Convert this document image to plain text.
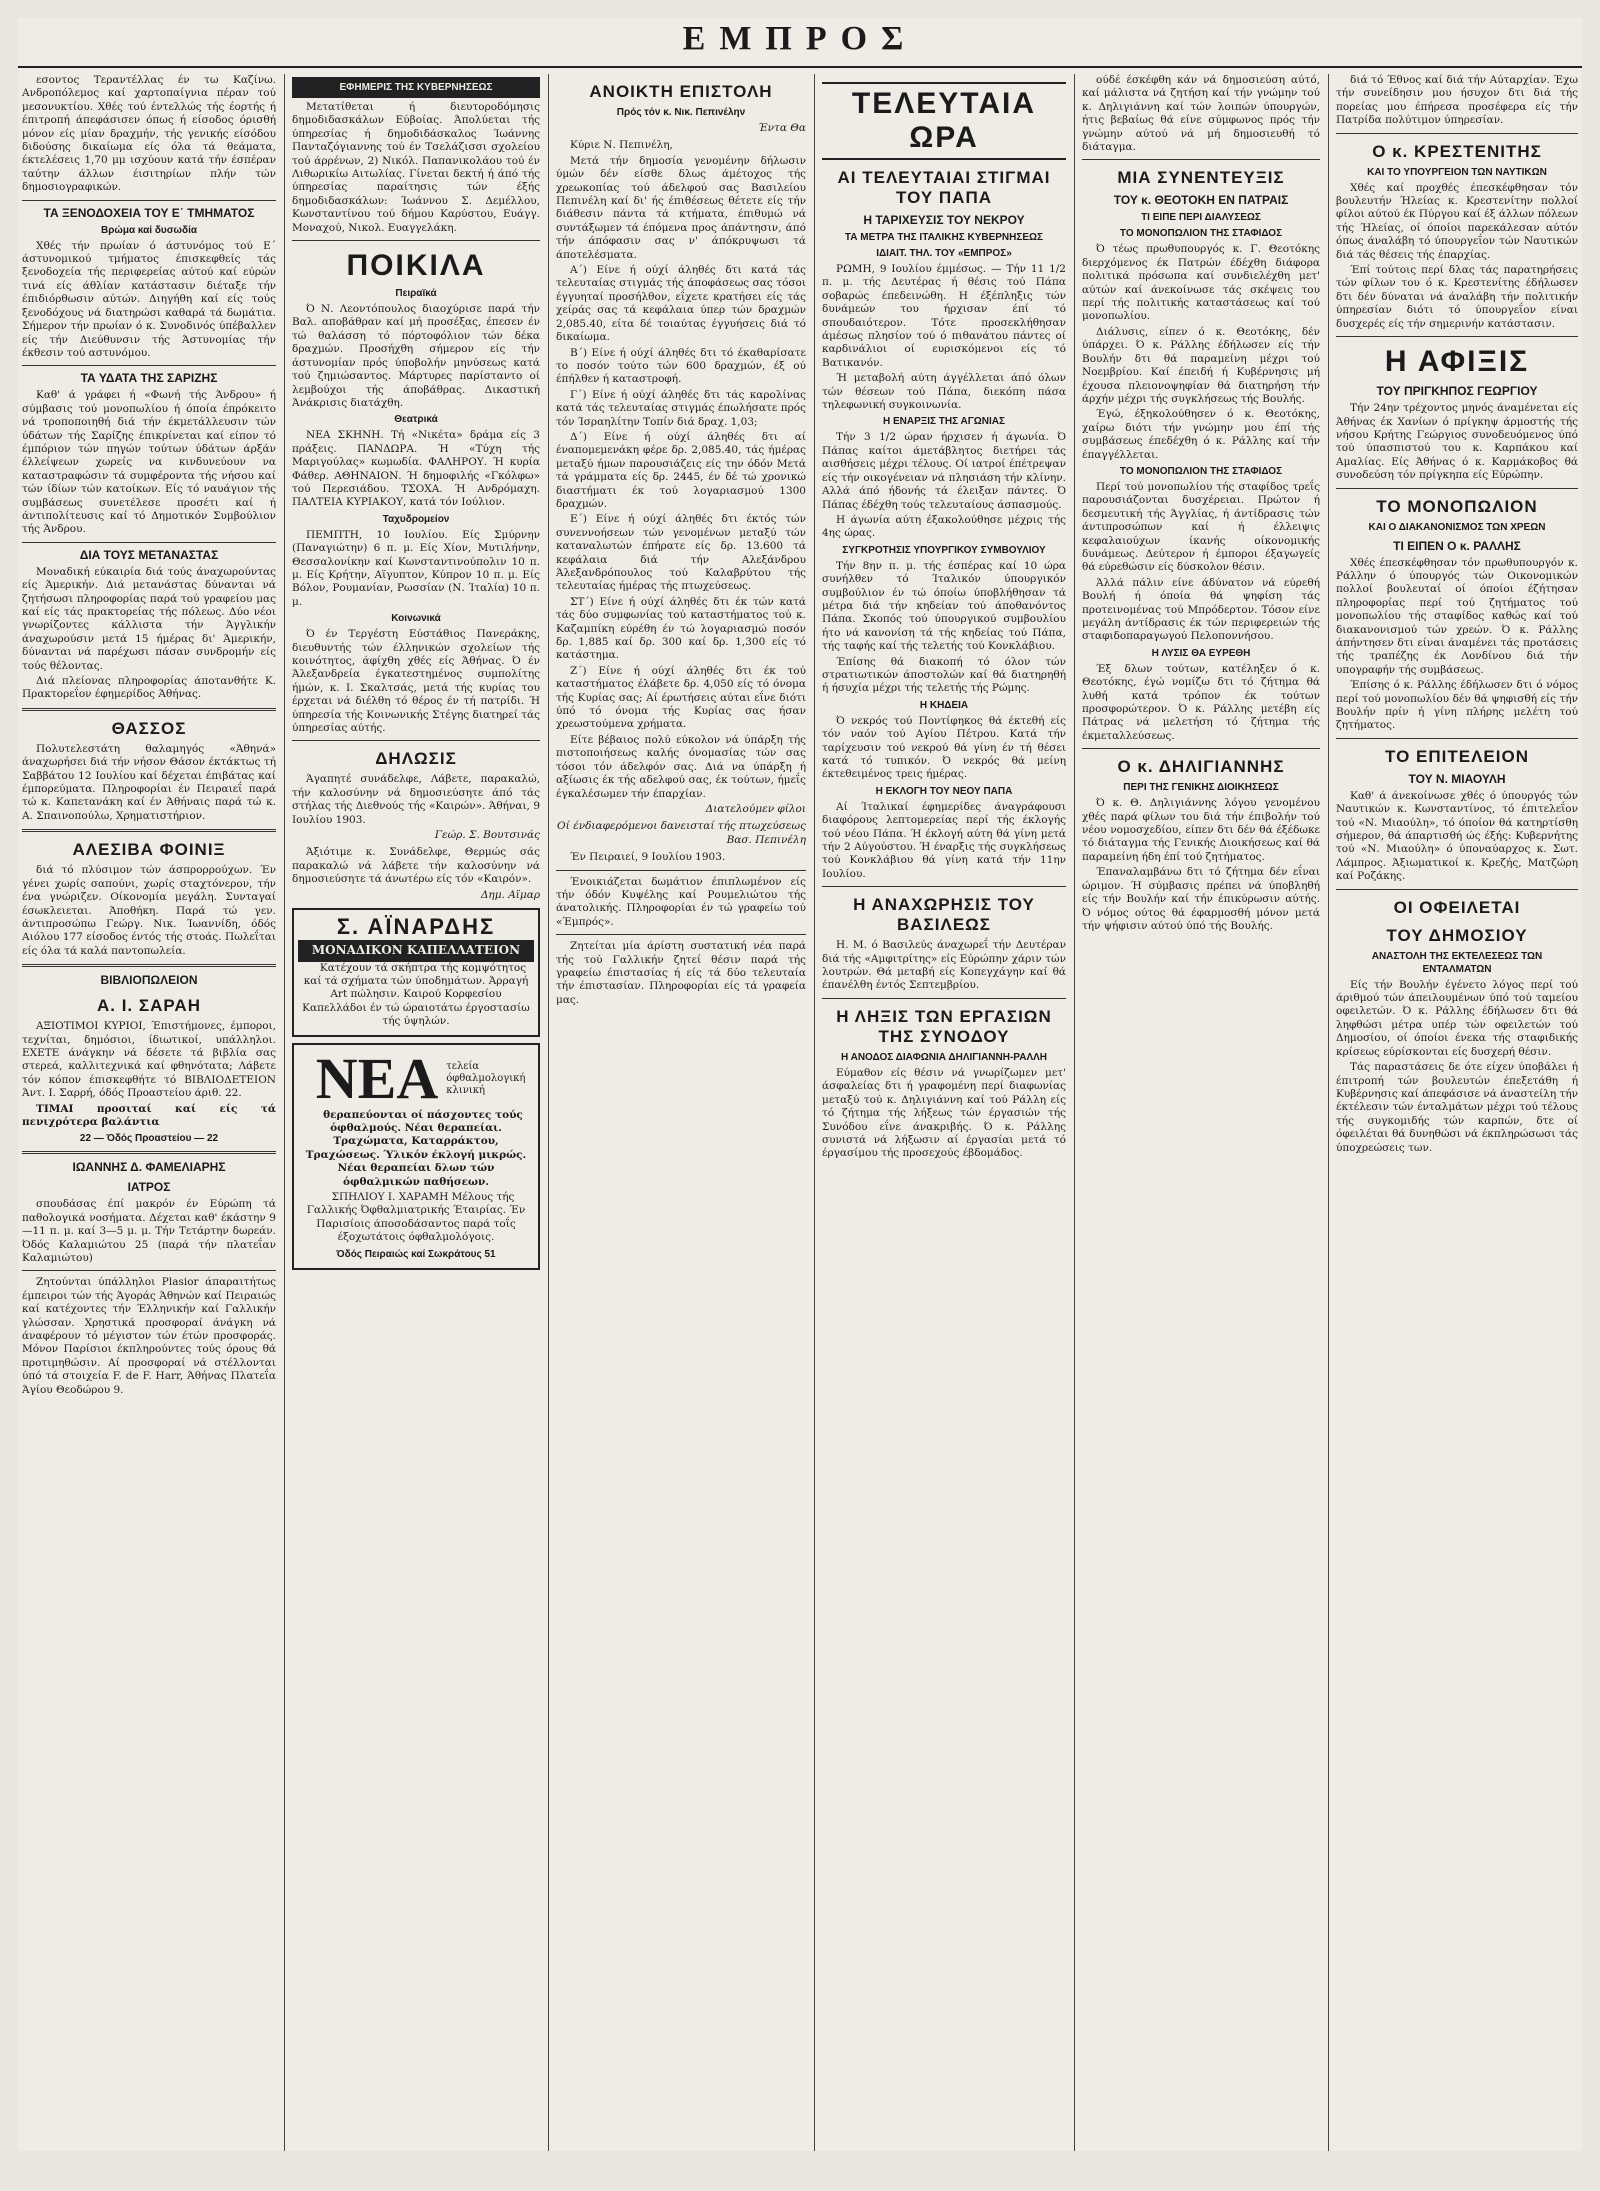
ΕΜΠΡΟΣ

εσοντος Τεραντέλλας έν τω Καζίνω. Ανδροπόλεμος καί χαρτοπαίγνια πέραν τού μεσονυκτίου. Χθές τού έντελλώς τής έορτής ή έπιτροπή άπεφάσισεν όπως ή είσοδος όρισθή μόνον είς μίαν δραχμήν, τής γενικής είσόδου διδούσης δικαίωμα είς όλα τά θεάματα, έκτελέσεις 1,70 μμ ισχύουν κατά τήν έσπέραν ταύτην άλλων έισιτηρίων πλήν τών δημοσιογραφικών.

ΤΑ ΞΕΝΟΔΟΧΕΙΑ ΤΟΥ Ε΄ ΤΜΗΜΑΤΟΣ
Βρώμα καί δυσωδία

Χθές τήν πρωίαν ό άστυνόμος τού Ε΄ άστυνομικού τμήματος έπισκεφθείς τάς ξενοδοχεία τής περιφερείας αύτού καί εύρών τινά είς άθλίαν κατάστασιν διέταξε τήν έπιδιόρθωσιν αύτών. Διηγήθη καί είς τούς ξενοδόχους νά διατηρώσι καθαρά τά δωμάτια. Σήμερον τήν πρωίαν ό κ. Συνοδινός ύπέβαλλεν είς τήν Διεύθυνσιν τής Άστυνομίας τήν έκθεσιν τού αστυνόμου.

ΤΑ ΥΔΑΤΑ ΤΗΣ ΣΑΡΙΖΗΣ

Καθ' ά γράφει ή «Φωνή τής Άνδρου» ή σύμβασις τού μονοπωλίου ή όποία έπρόκειτο νά τροποποιηθή διά τήν έκμετάλλευσιν τών ύδάτων τής Σαρίζης έπικρίνεται καί είπον τό έμπόριον τών πηγών τούτων ύδάτων άρξάν έλλείψεων χωρείς να κινδυνεύουν να καταστραφώσιν τά συμφέροντα τής νήσου καί τών ίδίων τών κατοίκων. Είς τό ναυάγιον τής συμβάσεως συνετέλεσε προσέτι καί ή άντιπολίτευσις καί τό Δημοτικόν Συμβούλιον τής Άνδρου.

ΔΙΑ ΤΟΥΣ ΜΕΤΑΝΑΣΤΑΣ

Μοναδική εύκαιρία διά τούς άναχωρούντας είς Άμερικήν. Διά μετανάστας δύνανται νά ζητήσωσι πληροφορίας παρά τού γραφείου μας καί είς τάς πρακτορείας τής πόλεως. Δύο νέοι γνωρίζοντες κάλλιστα τήν Άγγλικήν άναχωρούσιν μετά 15 ήμέρας δι' Άμερικήν, δύνανται νά παρέχωσι πάσαν συνδρομήν είς τούς θέλοντας.

Διά πλείονας πληροφορίας άποτανθήτε Κ. Πρακτορεΐον έφημερίδος Άθήνας.

ΘΑΣΣΟΣ

Πολυτελεστάτη θαλαμηγός «Άθηνά» άναχωρήσει διά τήν νήσον Θάσον έκτάκτως τή Σαββάτου 12 Ιουλίου καί δέχεται έπιβάτας καί έμπορεύματα. Πληροφορίαι έν Πειραιεΐ παρά τώ κ. Καπετανάκη καί έν Άθήναις παρά τώ κ. Α. Σπαινοπούλω, Χρηματιστήριον.

ΑΛΕΣΙΒΑ ΦΟΙΝΙΞ

διά τό πλύσιμον τών άσπρορρούχων. Έν γένει χωρίς σαπούνι, χωρίς σταχτόνερον, τήν ένα γνώριζεν. Οίκονομία μεγάλη. Συνταγαί έσωκλειεται. Άποθήκη. Παρά τώ γεν. άντιπροσώπω Γεώργ. Νικ. Ίωαννίδη, όδός Αιόλου 177 είσοδος έντός τής στοάς. Πωλεΐται είς όλα τά καλά παντοπωλεία.

ΒΙΒΛΙΟΠΩΛΕΙΟΝ
Α. Ι. ΣΑΡΑΗ

ΑΞΙΟΤΙΜΟΙ ΚΥΡΙΟΙ, Έπιστήμονες, έμποροι, τεχνίται, δημόσιοι, ίδιωτικοί, υπάλληλοι. ΕΧΕΤΕ άνάγκην νά δέσετε τά βιβλία σας στερεά, καλλιτεχνικά καί φθηνότατα; Λάβετε τόν κόπον έπισκεφθήτε τό ΒΙΒΛΙΟΔΕΤΕΙΟΝ Άντ. Ι. Σαρρή, όδός Προαστείου άριθ. 22.

ΤΙΜΑΙ προσιταί καί είς τά πενιχρότερα βαλάντια

22 — Όδός Προαστείου — 22
ΙΩΑΝΝΗΣ Δ. ΦΑΜΕΛΙΑΡΗΣ
ΙΑΤΡΟΣ

σπουδάσας έπί μακρόν έν Εύρώπη τά παθολογικά νοσήματα. Δέχεται καθ' έκάστην 9—11 π. μ. καί 3—5 μ. μ. Τήν Τετάρτην δωρεάν. Όδός Καλαμιώτου 25 (παρά τήν πλατεΐαν Καλαμιώτου)

Ζητούνται ύπάλληλοι Plasior άπαραιτήτως έμπειροι τών τής Άγοράς Άθηνών καί Πειραιώς καί κατέχοντες τήν Έλληνικήν καί Γαλλικήν γλώσσαν. Χρηστικά προσφοραί άνάγκη νά άναφέρουν τό μέγιστον τών έτών προσφοράς. Μόνον Παρίσιοι έκπληρούντες τούς όρους θά προτιμηθώσιν. Αί προσφοραί νά στέλλονται ύπό τά στοιχεία F. de F. Harr, Άθήνας Πλατεΐα Άγίου Θεοδώρου 9.

ΕΦΗΜΕΡΙΣ ΤΗΣ ΚΥΒΕΡΝΗΣΕΩΣ

Μετατίθεται ή διευτοροδόμησις δημοδιδασκάλων Εύβοίας. Άπολύεται τής ύπηρεσίας ή δημοδιδάσκαλος Ίωάννης Πανταζόγιαννης τού έν Τσελάζισσι σχολείου τού άρρένων, 2) Νικόλ. Παπανικολάου τού έν Λιθωρικίω Αιτωλίας. Γίνεται δεκτή ή άπό τής ύπηρεσίας παραίτησις τών έξής δημοδιδασκάλων: Ίωάννου Σ. Δεμέλλου, Κωνσταντίνου τού δήμου Καρύστου, Ευάγγ. Μοναχού, Νικολ. Ευαγγελάκη.

ΠΟΙΚΙΛΑ
Πειραϊκά

Ό Ν. Λεοντόπουλος διαοχύρισε παρά τήν Βαλ. αποβάθραν καί μή προσέξας, έπεσεν έν τώ θαλάσση τό πόρτοφόλιον τών δέκα δραχμών. Προσήχθη σήμερον είς τήν άστυνομίαν πρός ύποβολήν μηνύσεως κατά τού ζημιώσαντος. Μάρτυρες παρίσταντο οί λεμβούχοι τής άποβάθρας. Δικαστική Άνάκρισις διατάχθη.

Θεατρικά

ΝΕΑ ΣΚΗΝΗ. Τή «Νικέτα» δράμα είς 3 πράξεις. ΠΑΝΔΩΡΑ. Ή «Τύχη τής Μαριγούλας» κωμωδία. ΦΑΛΗΡΟΥ. Ή κυρία Φάθερ. ΑΘΗΝΑΙΟΝ. Ή δημοφιλής «Γκόλφω» τού Περεσιάδου. ΤΣΟΧΑ. Ή Ανδρόμαχη. ΠΑΛΤΕΙΑ ΚΥΡΙΑΚΟΥ, κατά τόν Ιούλιον.

Ταχυδρομείον

ΠΕΜΠΤΗ, 10 Ιουλίου. Είς Σμύρνην (Παναγιώτην) 6 π. μ. Είς Χίον, Μυτιλήνην, Θεσσαλονίκην καί Κωνσταντινούπολιν 10 π. μ. Είς Κρήτην, Αϊγυπτον, Κύπρον 10 π. μ. Είς Βόλον, Ρουμανίαν, Ρωσσίαν (Ν. Ίταλία) 10 π. μ.

Κοινωνικά

Ό έν Τεργέστη Εύστάθιος Πανεράκης, διευθυντής τών έλληνικών σχολείων τής κοινότητος, άφίχθη χθές είς Άθήνας. Ό έν Άλεξανδρεία έγκατεστημένος συμπολίτης ήμών, κ. Ι. Σκαλτσάς, μετά τής κυρίας του έρχεται νά διέλθη τό θέρος έν τή πατρίδι. Ή ύπηρεσία τής Κοινωνικής Στέγης διατηρεί τάς ύπηρεσίας αύτής.

ΔΗΛΩΣΙΣ

Άγαπητέ συνάδελφε, Λάβετε, παρακαλώ, τήν καλοσύνην νά δημοσιεύσητε άπό τάς στήλας τής Διεθνούς τής «Καιρών». Άθήναι, 9 Ιουλίου 1903.

Γεώρ. Σ. Βουτσινάς

Άξιότιμε κ. Συνάδελφε, Θερμώς σάς παρακαλώ νά λάβετε τήν καλοσύνην νά δημοσιεύσητε τά άνωτέρω είς τόν «Καιρόν».

Δημ. Αϊμαρ
Σ. ΑΪΝΑΡΔΗΣ
ΜΟΝΑΔΙΚΟΝ ΚΑΠΕΛΛΑΤΕΙΟΝ

Κατέχουν τά σκήπτρα τής κομψότητος καί τά σχήματα τών ύποδημάτων. Άρραγή Art πώλησιν. Καιρού Κορφεσίου Καπελλάδοι έν τώ ώραιοτάτω έργοστασίω τής ύψηλών.

ΝΕΑ τελεία όφθαλμολογική κλινική

θεραπεύονται οί πάσχοντες τούς όφθαλμούς. Νέαι θεραπείαι. Τραχώματα, Καταρράκτου, Τραχώσεως. Ύλικόν έκλογή μικρώς. Νέαι θεραπείαι δλων τών όφθαλμικών παθήσεων.

ΣΠΗΛΙΟΥ Ι. ΧΑΡΑΜΗ Μέλους τής Γαλλικής Όφθαλμιατρικής Έταιρίας. Έν Παρισίοις άποσοδάσαντος παρά τοΐς έξοχωτάτοις όφθαλμολόγοις.

Όδός Πειραιώς καί Σωκράτους 51
ΑΝΟΙΚΤΗ ΕΠΙΣΤΟΛΗ
Πρός τόν κ. Νικ. Πεπινέλην
Έντα Θα

Κύριε Ν. Πεπινέλη,

Μετά τήν δημοσία γενομένην δήλωσιν ύμών δέν είσθε δλως άμέτοχος τής χρεωκοπίας τού άδελφού σας Βασιλείου Πεπινέλη καί δι' ής έπιθέσεως θέτετε είς τήν διάθεσιν πάντα τά κτήματα, έπιθυμώ νά συντάξωμεν τά έπόμενα προς άπάντησιν, άπό τήν άπόφασιν σας ν' άπόκρυψωσι τά άποτελέσματα.

Α΄) Είνε ή ούχί άληθές δτι κατά τάς τελευταίας στιγμάς τής άποφάσεως σας τόσοι έγγυηταί προσήλθον, εΐχετε κρατήσει είς τάς χείράς σας τά κεφάλαια ύπερ τών δραχμών 2,085.40, είτα δέ τοιαύτας έγγυήσεις διά τό δικαίωμα.

Β΄) Είνε ή ούχί άληθές δτι τό έκαθαρίσατε το ποσόν τούτο τών 600 δραχμών, έξ ού έπήλθεν ή καταστροφή.

Γ΄) Είνε ή ούχί άληθές δτι τάς καρολίνας κατά τάς τελευταίας στιγμάς έπωλήσατε πρός τόν Ίσραηλίτην Τοπίν διά δραχ. 1,03;

Δ΄) Είνε ή ούχί άληθές δτι αί έναπομεμενάκη φέρε δρ. 2,085.40, τάς ήμέρας μεταξύ ήμων παρουσιάζεις είς την όδόν Μετά τά γράμματα είς δρ. 2445, έν δέ τώ χρονικώ διαστήματι έκ τού λογαριασμού 1300 δραχμών.

Ε΄) Είνε ή ούχί άληθές δτι έκτός τών συνεννοήσεων τών γενομένων μεταξύ τών καταναλωτών έπήρατε είς δρ. 13.600 τά κεφάλαια διά τήν Αλεξάνδρου Άλεξανδρόπουλος τού Καλαβρύτου τής τελευταίας ήμέρας τής πτωχεύσεως.

ΣΤ΄) Είνε ή ούχί άληθές δτι έκ τών κατά τάς δύο συμφωνίας τού καταστήματος τού κ. Καζαμπίκη εύρέθη έν τώ λογαριασμώ ποσόν δρ. 1,885 καί δρ. 300 καί δρ. 1,300 είς τό κατάστημα.

Ζ΄) Είνε ή ούχί άληθές δτι έκ τού καταστήματος έλάβετε δρ. 4,050 είς τό όνομα τής Κυρίας σας; Αί έρωτήσεις αύται εΐνε διότι ύπό τό όνομα τής Κυρίας σας ήσαν χρεωστούμενα χρήματα.

Είτε βέβαιος πολύ εύκολον νά ύπάρξη τής πιστοποιήσεως καλής όνομασίας τών σας τόσοι τόν άδελφόν σας. Διά να ύπάρξη ή αξίωσις έκ τής αδελφού σας, έκ τούτων, ήμεΐς έγκαλέσωμεν τήν έπαρχίαν.

Διατελούμεν φίλοι
Οί ένδιαφερόμενοι δανεισταί τής πτωχεύσεως Βασ. Πεπινέλη

Έν Πειραιεί, 9 Ιουλίου 1903.

Ένοικιάζεται δωμάτιον έπιπλωμένον είς τήν όδόν Κυψέλης καί Ρουμελιώτου τής άνατολικής. Πληροφορίαι έν τώ γραφείω τού «Έμπρός».

Ζητείται μία άρίστη συστατική νέα παρά τής τού Γαλλικήν ζητεί θέσιν παρά τής γραφείω έπιστασίας ή είς τά δύο τελευταία τήν έπιστασίαν. Πληροφορίαι είς τά γραφεία μας.

ΤΕΛΕΥΤΑΙΑ ΩΡΑ
ΑΙ ΤΕΛΕΥΤΑΙΑΙ ΣΤΙΓΜΑΙ ΤΟΥ ΠΑΠΑ
Η ΤΑΡΙΧΕΥΣΙΣ ΤΟΥ ΝΕΚΡΟΥ
ΤΑ ΜΕΤΡΑ ΤΗΣ ΙΤΑΛΙΚΗΣ ΚΥΒΕΡΝΗΣΕΩΣ
ΙΔΙΑΙΤ. ΤΗΛ. ΤΟΥ «ΕΜΠΡΟΣ»

ΡΩΜΗ, 9 Ιουλίου έμμέσως. — Τήν 11 1/2 π. μ. τής Δευτέρας ή θέσις τού Πάπα σοβαρώς έπεδεινώθη. Η έξέπληξις τών δυνάμεών του ήρχισαν έπί τό σπουδαιότερον. Τότε προσεκλήθησαν άμέσως πλησίον τού ό πιθανάτου πάντες οί καρδινάλιοι οί ευρισκόμενοι είς τό Βατικανόν.

Ή μεταβολή αύτη άγγέλλεται άπό όλων τών θέσεων τού Πάπα, διεκόπη πάσα τηλεφωνική συγκοινωνία.

Η ΕΝΑΡΞΙΣ ΤΗΣ ΑΓΩΝΙΑΣ

Τήν 3 1/2 ώραν ήρχισεν ή άγωνία. Ό Πάπας καίτοι άμετάβλητος διετήρει τάς αισθήσεις μέχρι τέλους. Οί ιατροί έπέτρεψαν είς τήν οικογένειαν νά πλησιάση τήν κλίνην. Αλλά άπό ήδονής τά έλειξαν πάντες. Ό Πάπας έδέχθη τούς τελευταίους άσπασμούς.

Η άγωνία αύτη έξακολούθησε μέχρις τής 4ης ώρας.

ΣΥΓΚΡΟΤΗΣΙΣ ΥΠΟΥΡΓΙΚΟΥ ΣΥΜΒΟΥΛΙΟΥ

Τήν 8ην π. μ. τής έσπέρας καί 10 ώρα συνήλθεν τό Ίταλικόν ύπουργικόν συμβούλιον έν τώ όποίω ύποβλήθησαν τά μέτρα διά τήν κηδείαν τού άποθανόντος Πάπα. Σκοπός τού ύπουργικού συμβουλίου ήτο νά κανονίση τά τής κηδείας τού Πάπα, τής ταφής καί τής τελετής τού Κονκλάβιου.

Έπίσης θά διακοπή τό όλον τών στρατιωτικών άποστολών καί θά διατηρηθή ή ήσυχία μέχρι τής τελετής τής Ρώμης.

Η ΚΗΔΕΙΑ

Ό νεκρός τού Ποντίφηκος θά έκτεθή είς τόν ναόν τού Αγίου Πέτρου. Κατά τήν ταρίχευσιν τού νεκρού θά γίνη έν τή θέσει κατά τό τυπικόν. Ό νεκρός θά μείνη έκτεθειμένος τρεις ήμέρας.

Η ΕΚΛΟΓΗ ΤΟΥ ΝΕΟΥ ΠΑΠΑ

Αί Ίταλικαί έφημερίδες άναγράφουσι διαφόρους λεπτομερείας περί τής έκλογής τού νέου Πάπα. Ή έκλογή αύτη θά γίνη μετά τήν 2 Αύγούστου. Ή έναρξις τής συγκλήσεως τού Κονκλάβιου θά γίνη κατά τήν 11ην Ιουλίου.

Η ΑΝΑΧΩΡΗΣΙΣ ΤΟΥ ΒΑΣΙΛΕΩΣ

Η. Μ. ό Βασιλεύς άναχωρεΐ τήν Δευτέραν διά τής «Αμφιτρίτης» είς Εύρώπην χάριν τών λουτρών. Θά μεταβή είς Κοπεγχάγην καί θά έπανέλθη έντός Σεπτεμβρίου.

Η ΛΗΞΙΣ ΤΩΝ ΕΡΓΑΣΙΩΝ ΤΗΣ ΣΥΝΟΔΟΥ
Η ΑΝΟΔΟΣ ΔΙΑΦΩΝΙΑ ΔΗΛΙΓΙΑΝΝΗ-ΡΑΛΛΗ

Εύμαθον είς θέσιν νά γνωρίζωμεν μετ' άσφαλείας δτι ή γραφομένη περί διαφωνίας μεταξύ τού κ. Δηλιγιάννη καί τού Ράλλη είς τό ζήτημα τής λήξεως τών έργασιών τής Συνόδου εΐνε άνακριβής. Ό κ. Ράλλης συνιστά νά λήξωσιν αί έργασίαι μετά τό έργασίμου τής προσεχούς έβδομάδος.

ούδέ έσκέφθη κάν νά δημοσιεύση αύτό, καί μάλιστα νά ζητήση καί τήν γνώμην τού κ. Δηλιγιάννη καί τών λοιπών ύπουργών, ήτις βεβαίως θά είνε σύμφωνος πρός τήν γνώμην αύτού νά μή δημοσιευθή τό διάταγμα.

ΜΙΑ ΣΥΝΕΝΤΕΥΞΙΣ
ΤΟΥ κ. ΘΕΟΤΟΚΗ ΕΝ ΠΑΤΡΑΙΣ
ΤΙ ΕΙΠΕ ΠΕΡΙ ΔΙΑΛΥΣΕΩΣ
ΤΟ ΜΟΝΟΠΩΛΙΟΝ ΤΗΣ ΣΤΑΦΙΔΟΣ

Ό τέως πρωθυπουργός κ. Γ. Θεοτόκης διερχόμενος έκ Πατρών έδέχθη διάφορα πολιτικά πρόσωπα καί συνδιελέχθη μετ' αύτών καί άνεκοίνωσε τάς σκέψεις του περί τής πολιτικής καταστάσεως καί τού μονοπωλίου.

Διάλυσις, είπεν ό κ. Θεοτόκης, δέν ύπάρχει. Ό κ. Ράλλης έδήλωσεν είς τήν Βουλήν δτι θά παραμείνη μέχρι τού Νοεμβρίου. Καί έπειδή ή Κυβέρνησις μή έχουσα πλειονοψηφίαν θά διατηρήση τήν άρχήν μέχρι τής συγκλήσεως τής Βουλής.

Έγώ, έξηκολούθησεν ό κ. Θεοτόκης, χαίρω διότι τήν γνώμην μου έπί τής συμβάσεως έπεδέχθη ό κ. Ράλλης καί τήν έπαγγέλλεται.

ΤΟ ΜΟΝΟΠΩΛΙΟΝ ΤΗΣ ΣΤΑΦΙΔΟΣ

Περί τού μονοπωλίου τής σταφίδος τρεΐς παρουσιάζονται δυσχέρειαι. Πρώτον ή δεσμευτική τής Άγγλίας, ή άντίδρασις τών άντιπροσώπων καί ή έλλειψις κεφαλαιούχων ίκανής οίκονομικής δυνάμεως. Δεύτερον ή έμποροι έξαγωγείς θά εύρεθώσιν είς δύσκολον θέσιν.

Άλλά πάλιν είνε άδύνατον νά εύρεθή Βουλή ή όποία θά ψηφίση τάς προτεινομένας τού Μπρόδερτον. Τόσον είνε μεγάλη άντίδρασις έκ τών περιφερειών τής σταφιδοπαραγωγού Πελοποννήσου.

Η ΛΥΣΙΣ ΘΑ ΕΥΡΕΘΗ

Έξ δλων τούτων, κατέληξεν ό κ. Θεοτόκης, έγώ νομίζω δτι τό ζήτημα θά λυθή κατά τρόπον έκ τούτων προσφορώτερον. Ό κ. Ράλλης μετέβη είς Πάτρας νά μελετήση τό ζήτημα τής έκμεταλλεύσεως.

Ο κ. ΔΗΛΙΓΙΑΝΝΗΣ
ΠΕΡΙ ΤΗΣ ΓΕΝΙΚΗΣ ΔΙΟΙΚΗΣΕΩΣ

Ό κ. Θ. Δηλιγιάννης λόγου γενομένου χθές παρά φίλων του διά τήν έπιβολήν τού νέου νομοσχεδίου, είπεν δτι δέν θά έξέδωκε τό διάταγμα τής Γενικής Διοικήσεως καί θά παραμείνη ήδη έπί τού ζητήματος.

Έπαναλαμβάνω δτι τό ζήτημα δέν εΐναι ώριμον. Ή σύμβασις πρέπει νά ύποβληθή είς τήν Βουλήν καί τήν έπικύρωσιν αύτής. Ό νόμος ούτος θά έφαρμοσθή μόνον μετά τήν ψήφισιν αύτού ύπό τής Βουλής.

διά τό Έθνος καί διά τήν Αύταρχίαν. Έχω τήν συνείδησιν μου ήσυχον δτι διά τής πορείας μου έπήρεσα προσέφερα είς τήν Πατρίδα πολύτιμον ύπηρεσίαν.

Ο κ. ΚΡΕΣΤΕΝΙΤΗΣ
ΚΑΙ ΤΟ ΥΠΟΥΡΓΕΙΟΝ ΤΩΝ ΝΑΥΤΙΚΩΝ

Χθές καί προχθές έπεσκέφθησαν τόν βουλευτήν Ήλείας κ. Κρεστενίτην πολλοί φίλοι αύτού έκ Πύργου καί έξ άλλων πόλεων τής Ήλείας, οί όποίοι παρεκάλεσαν αύτόν όπως άναλάβη τό ύπουργεΐον τών Ναυτικών διά τάς θέσεις τής έπαρχίας.

Έπί τούτοις περί δλας τάς παρατηρήσεις τών φίλων του ό κ. Κρεστενίτης έδήλωσεν δτι δέν δύναται νά άναλάβη τήν πολιτικήν ύπηρεσίαν διότι τό ύπουργεΐον είναι δυσχερές είς τήν σημερινήν κατάστασιν.

Η ΑΦΙΞΙΣ
ΤΟΥ ΠΡΙΓΚΗΠΟΣ ΓΕΩΡΓΙΟΥ

Τήν 24ην τρέχοντος μηνός άναμένεται είς Άθήνας έκ Χανίων ό πρίγκηψ άρμοστής τής νήσου Κρήτης Γεώργιος συνοδευόμενος ύπό τού ύπασπιστού του κ. Καρπάκου καί Αμαλίας. Είς Άθήνας ό κ. Καρμάκοβος θά συνοδεύση τόν πρίγκηπα είς Εύρώπην.

ΤΟ ΜΟΝΟΠΩΛΙΟΝ
ΚΑΙ Ο ΔΙΑΚΑΝΟΝΙΣΜΟΣ ΤΩΝ ΧΡΕΩΝ
ΤΙ ΕΙΠΕΝ Ο κ. ΡΑΛΛΗΣ

Χθές έπεσκέφθησαν τόν πρωθυπουργόν κ. Ράλλην ό ύπουργός τών Οικονομικών πολλοί βουλευταί οί όποίοι έζήτησαν πληροφορίας περί τού ζητήματος τού μονοπωλίου τής σταφίδος καθώς καί τού διακανονισμού τών χρεών. Ό κ. Ράλλης άπήντησεν δτι είναι άναμένει τάς προτάσεις τής τραπέζης έκ Λονδίνου διά τήν υπογραφήν τής συμβάσεως.

Έπίσης ό κ. Ράλλης έδήλωσεν δτι ό νόμος περί τού μονοπωλίου δέν θά ψηφισθή είς τήν Βουλήν πρίν ή γίνη πλήρης μελέτη τού ζητήματος.

ΤΟ ΕΠΙΤΕΛΕΙΟΝ
ΤΟΥ Ν. ΜΙΑΟΥΛΗ

Καθ' ά άνεκοίνωσε χθές ό ύπουργός τών Ναυτικών κ. Κωνσταντίνος, τό έπιτελεΐον τού «Ν. Μιαούλη», τό όποίον θά κατηρτίσθη σήμερον, θά άπαρτισθή ώς έξής: Κυβερνήτης τού «Ν. Μιαούλη» ό ύποναύαρχος κ. Σωτ. Λάμπρος. Άξιωματικοί κ. Κρεζής, Ματζώρη καί Ροζάκης.

ΟΙ ΟΦΕΙΛΕΤΑΙ
ΤΟΥ ΔΗΜΟΣΙΟΥ
ΑΝΑΣΤΟΛΗ ΤΗΣ ΕΚΤΕΛΕΣΕΩΣ ΤΩΝ ΕΝΤΑΛΜΑΤΩΝ

Είς τήν Βουλήν έγένετο λόγος περί τού άριθμού τών άπειλουμένων ύπό τού ταμείου οφειλετών. Ό κ. Ράλλης έδήλωσεν δτι θά ληφθώσι μέτρα υπέρ τών οφειλετών τού Δημοσίου, οί όποίοι ένεκα τής σταφιδικής κρίσεως εύρίσκονται είς δυσχερή θέσιν.

Τάς παραστάσεις δε ότε είχεν ύποβάλει ή έπιτροπή τών βουλευτών έπεξετάθη ή Κυβέρνησις καί άπεφάσισε νά άναστείλη τήν έκτέλεσιν τών ένταλμάτων μέχρι τού τέλους τής συγκομιδής τών καρπών, δτε οί όφειλέται θά δυνηθώσι νά έκπληρώσωσι τάς ύποχρεώσεις των.
